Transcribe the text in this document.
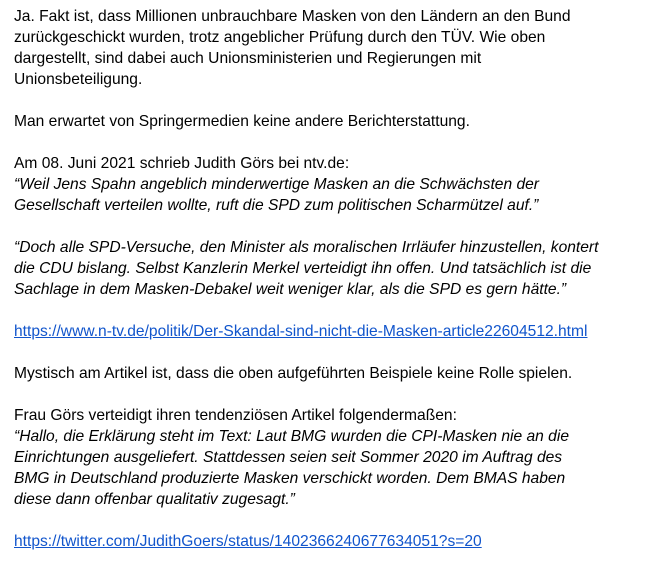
Ja. Fakt ist, dass Millionen unbrauchbare Masken von den Ländern an den Bund
zurückgeschickt wurden, trotz angeblicher Prüfung durch den TÜV. Wie oben
dargestellt, sind dabei auch Unionsministerien und Regierungen mit
Unionsbeteiligung.
Man erwartet von Springermedien keine andere Berichterstattung.
Am 08. Juni 2021 schrieb Judith Görs bei ntv.de:
“Weil Jens Spahn angeblich minderwertige Masken an die Schwächsten der
Gesellschaft verteilen wollte, ruft die SPD zum politischen Scharmützel auf.”
“Doch alle SPD-Versuche, den Minister als moralischen Irrläufer hinzustellen, kontert
die CDU bislang. Selbst Kanzlerin Merkel verteidigt ihn offen. Und tatsächlich ist die
Sachlage in dem Masken-Debakel weit weniger klar, als die SPD es gern hätte.”
https://www.n-tv.de/politik/Der-Skandal-sind-nicht-die-Masken-article22604512.html
Mystisch am Artikel ist, dass die oben aufgeführten Beispiele keine Rolle spielen.
Frau Görs verteidigt ihren tendenziösen Artikel folgendermaßen:
“Hallo, die Erklärung steht im Text: Laut BMG wurden die CPI-Masken nie an die
Einrichtungen ausgeliefert. Stattdessen seien seit Sommer 2020 im Auftrag des
BMG in Deutschland produzierte Masken verschickt worden. Dem BMAS haben
diese dann offenbar qualitativ zugesagt.”
https://twitter.com/JudithGoers/status/1402366240677634051?s=20
